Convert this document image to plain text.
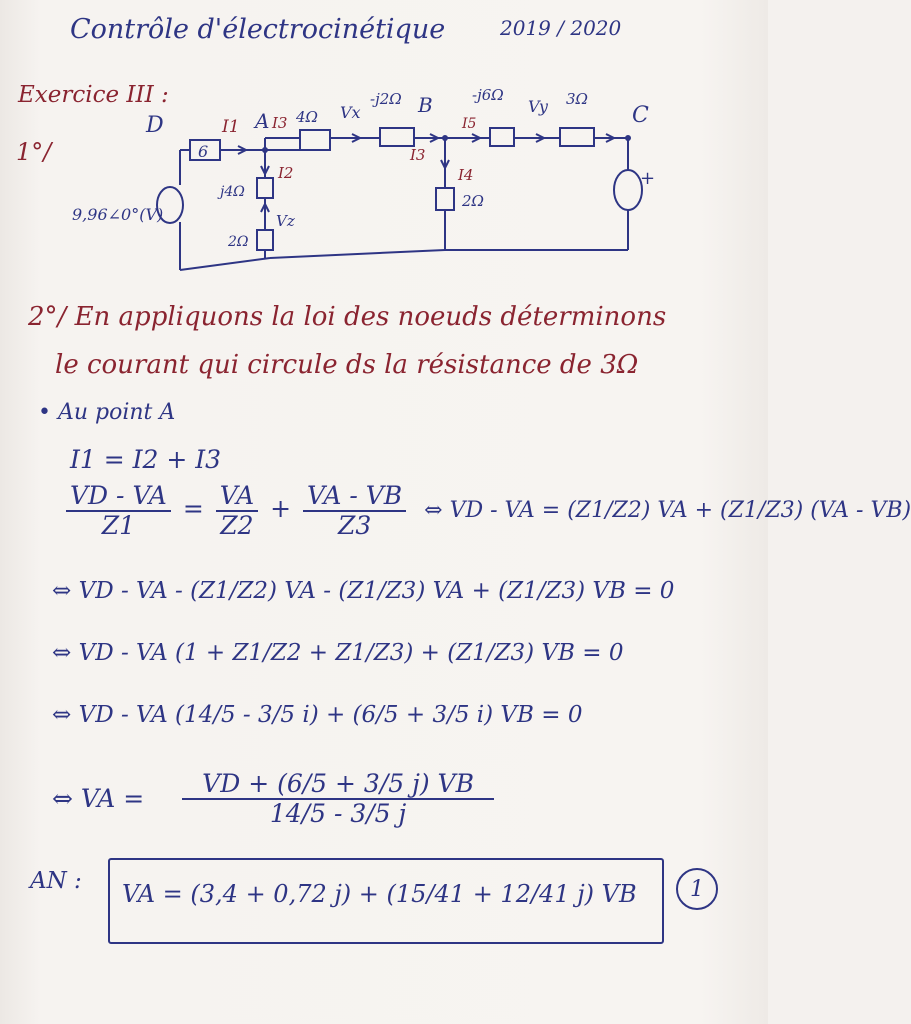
Contrôle d'électrocinétique	2019 / 2020
Exercice III :
1°/
D	A
B	C
6
4Ω
-j2Ω	-j6Ω	3Ω
j4Ω
2Ω
2Ω
I1 I3
I2
I3
I4
I5
Vx	Vy
Vz
+
9,96∠0°(V)
2°/ En appliquons la loi des noeuds déterminons
le courant qui circule ds la résistance de 3Ω
• Au point A
I1 = I2 + I3
$\frac{VD - VA}{Z1} = \frac{VA}{Z2} + \frac{VA - VB}{Z3}$ ⇔ VD - VA = (Z1/Z2) VA + (Z1/Z3) (VA - VB)
⇔ VD - VA - (Z1/Z2) VA - (Z1/Z3) VA + (Z1/Z3) VB = 0
⇔ VD - VA (1 + Z1/Z2 + Z1/Z3) + (Z1/Z3) VB = 0
⇔ VD - VA (14/5 - 3/5 i) + (6/5 + 3/5 i) VB = 0
⇔ VA = $\frac{VD + (6/5 + 3/5 j) VB}{14/5 - 3/5 j}$
AN : VA = (3,4 + 0,72 j) + (15/41 + 12/41 j) VB	1
